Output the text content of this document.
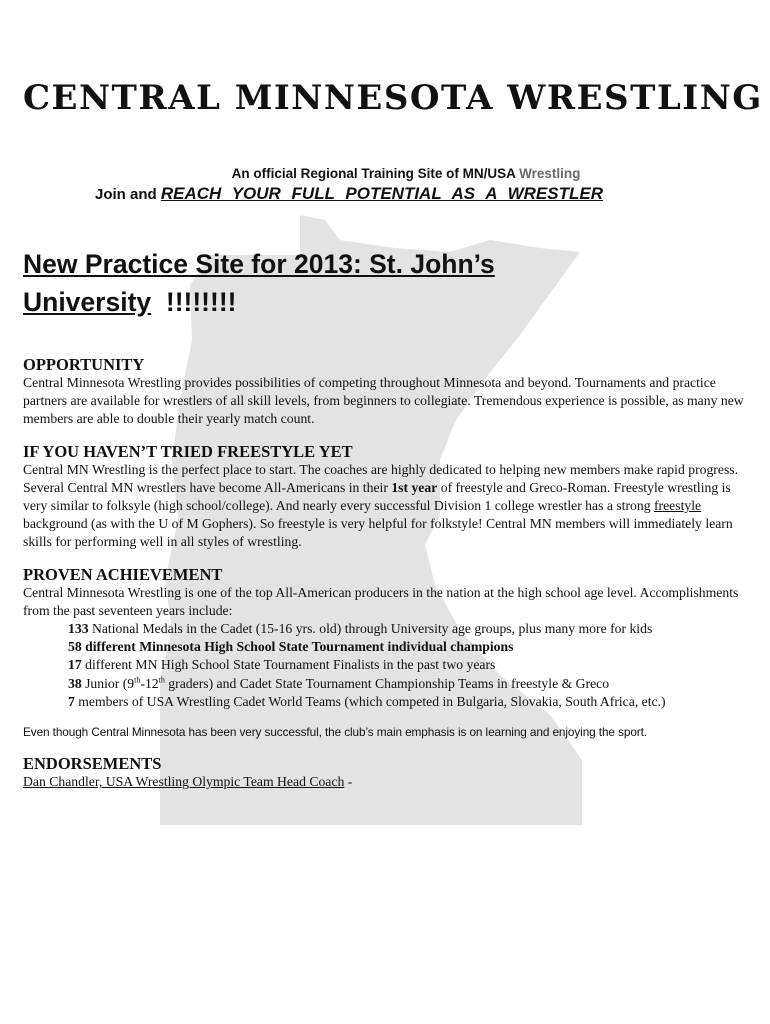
CENTRAL MINNESOTA WRESTLING
An official Regional Training Site of MN/USA Wrestling
Join and REACH YOUR FULL POTENTIAL AS A WRESTLER
New Practice Site for 2013: St. John’s
University !!!!!!!!
OPPORTUNITY

Central Minnesota Wrestling provides possibilities of competing throughout Minnesota and beyond. Tournaments and practice partners are available for wrestlers of all skill levels, from beginners to collegiate. Tremendous experience is possible, as many new members are able to double their yearly match count.

IF YOU HAVEN’T TRIED FREESTYLE YET

Central MN Wrestling is the perfect place to start. The coaches are highly dedicated to helping new members make rapid progress. Several Central MN wrestlers have become All-Americans in their 1st year of freestyle and Greco-Roman. Freestyle wrestling is very similar to folksyle (high school/college). And nearly every successful Division 1 college wrestler has a strong freestyle background (as with the U of M Gophers). So freestyle is very helpful for folkstyle! Central MN members will immediately learn skills for performing well in all styles of wrestling.

PROVEN ACHIEVEMENT

Central Minnesota Wrestling is one of the top All-American producers in the nation at the high school age level. Accomplishments from the past seventeen years include:

133 National Medals in the Cadet (15-16 yrs. old) through University age groups, plus many more for kids
58 different Minnesota High School State Tournament individual champions
17 different MN High School State Tournament Finalists in the past two years
38 Junior (9th-12th graders) and Cadet State Tournament Championship Teams in freestyle & Greco
7 members of USA Wrestling Cadet World Teams (which competed in Bulgaria, Slovakia, South Africa, etc.)

Even though Central Minnesota has been very successful, the club’s main emphasis is on learning and enjoying the sport.

ENDORSEMENTS

Dan Chandler, USA Wrestling Olympic Team Head Coach -
